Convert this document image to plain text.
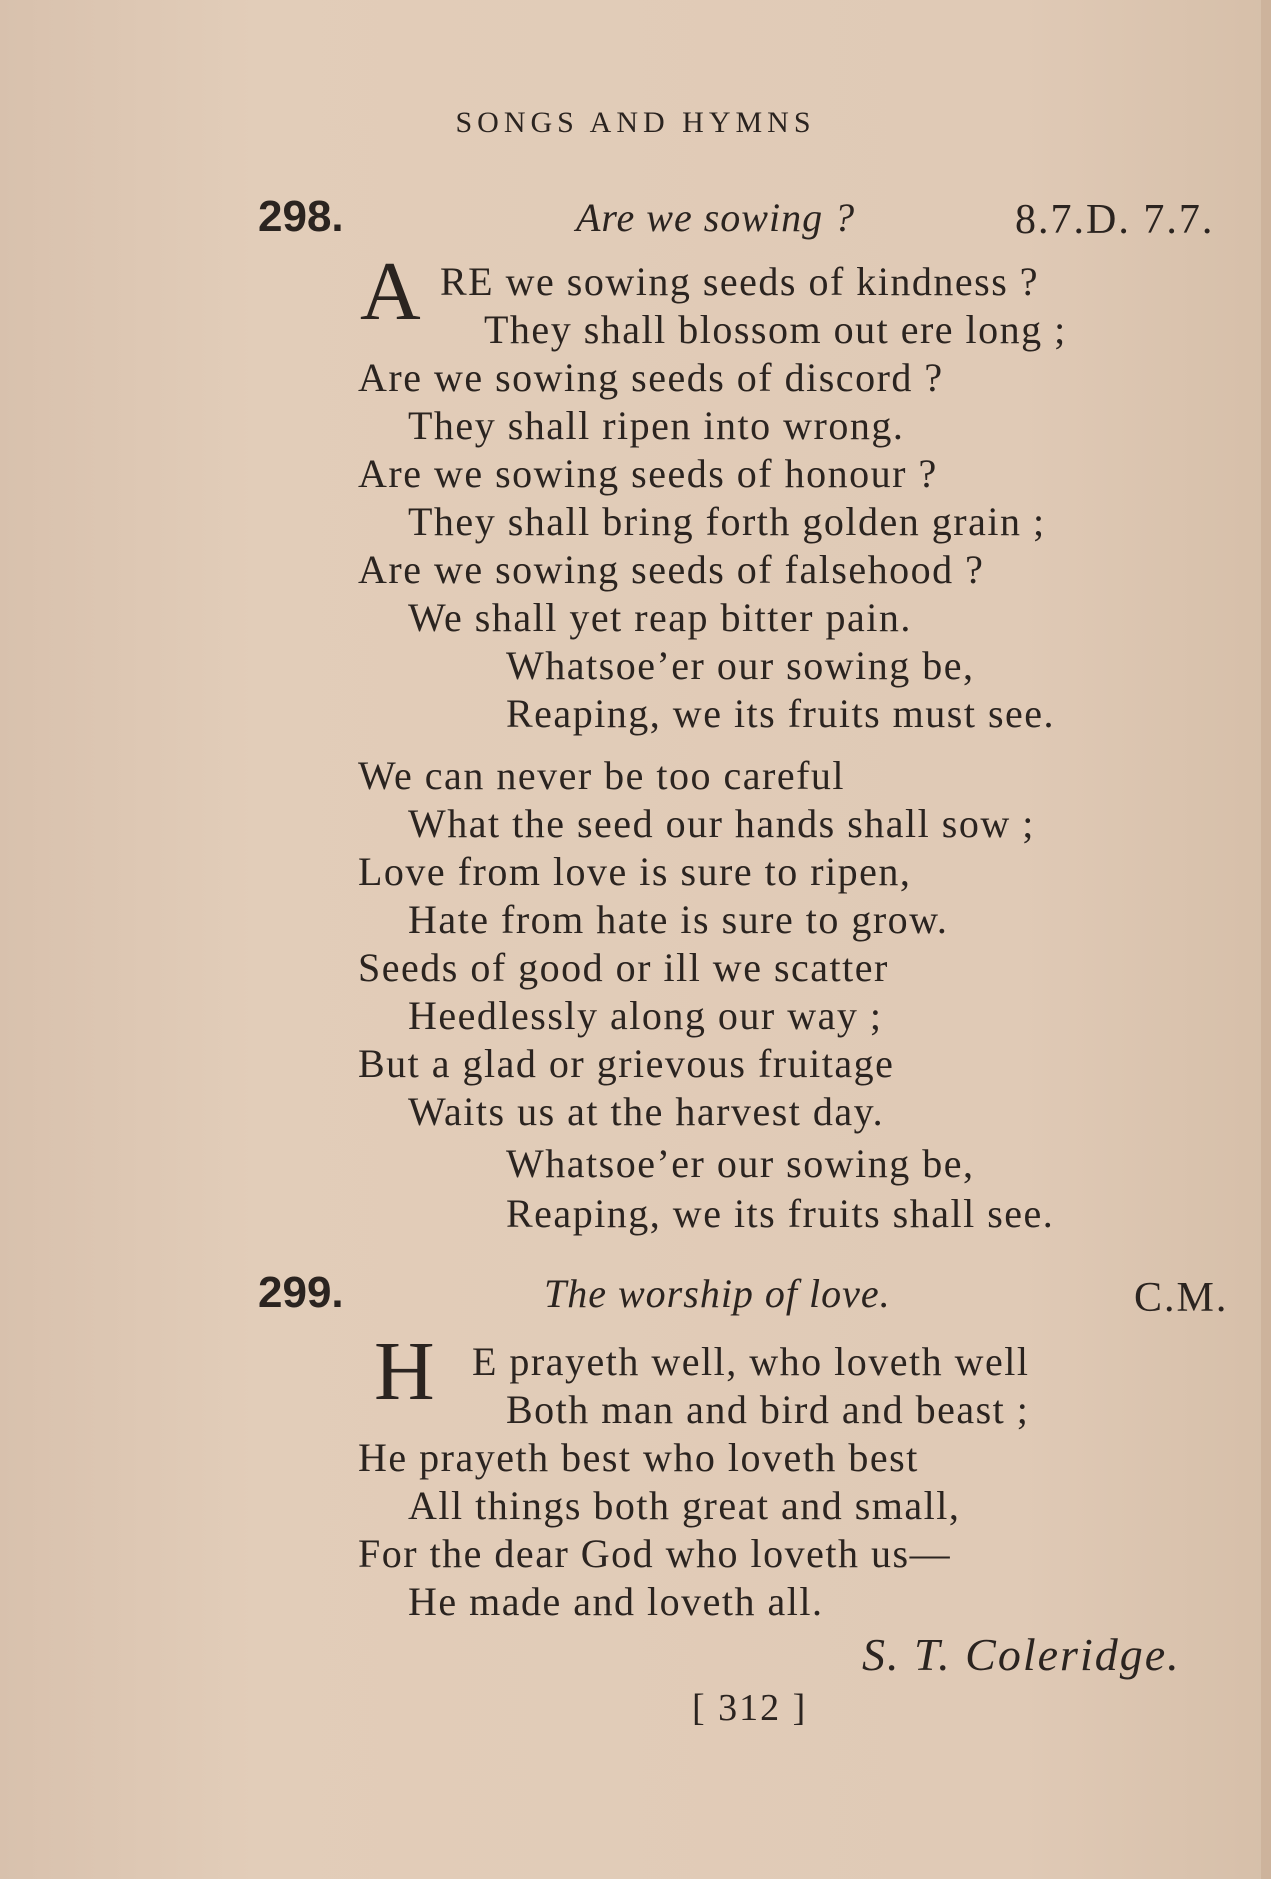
SONGS AND HYMNS
298.	Are we sowing ?	8.7.D. 7.7.
A RE we sowing seeds of kindness ?
They shall blossom out ere long ;
Are we sowing seeds of discord ?
They shall ripen into wrong.
Are we sowing seeds of honour ?
They shall bring forth golden grain ;
Are we sowing seeds of falsehood ?
We shall yet reap bitter pain.
Whatsoe’er our sowing be,
Reaping, we its fruits must see.
We can never be too careful
What the seed our hands shall sow ;
Love from love is sure to ripen,
Hate from hate is sure to grow.
Seeds of good or ill we scatter
Heedlessly along our way ;
But a glad or grievous fruitage
Waits us at the harvest day.
Whatsoe’er our sowing be,
Reaping, we its fruits shall see.
299.	The worship of love.	C.M.
H E prayeth well, who loveth well
Both man and bird and beast ;
He prayeth best who loveth best
All things both great and small,
For the dear God who loveth us—
He made and loveth all.
S. T. Coleridge.
[ 312 ]
